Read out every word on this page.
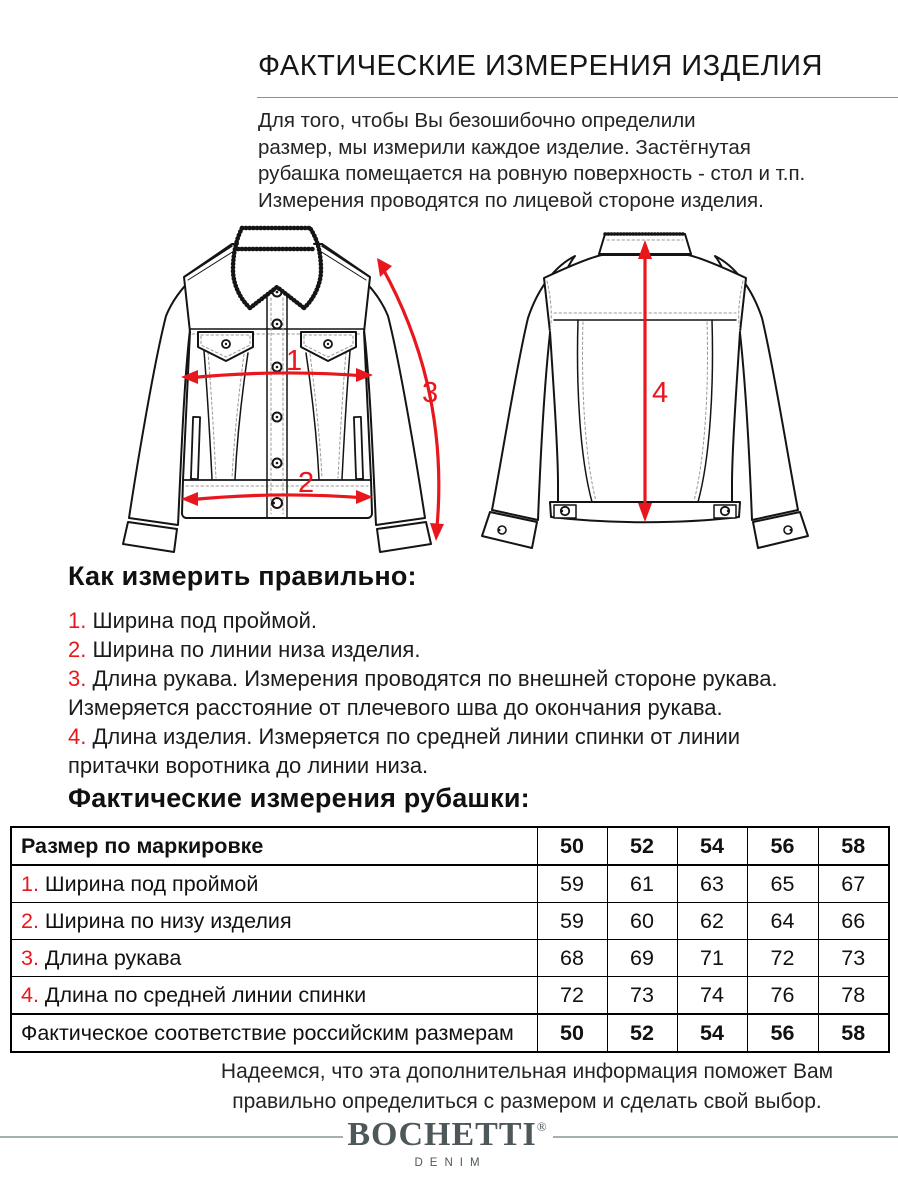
ФАКТИЧЕСКИЕ ИЗМЕРЕНИЯ ИЗДЕЛИЯ
Для того, чтобы Вы безошибочно определили
размер, мы измерили каждое изделие. Застёгнутая
рубашка помещается на ровную поверхность - стол и т.п.
Измерения проводятся по лицевой стороне изделия.
1
2
3	4
Как измерить правильно:
1. Ширина под проймой.
2. Ширина по линии низа изделия.
3. Длина рукава. Измерения проводятся по внешней стороне рукава. Измеряется расстояние от плечевого шва до окончания рукава.
4. Длина изделия. Измеряется по средней линии спинки от линии притачки воротника до линии низа.
Фактические измерения рубашки:
Размер по маркировке	50	52	54	56	58
1. Ширина под проймой	59	61	63	65	67
2. Ширина по низу изделия	59	60	62	64	66
3. Длина рукава	68	69	71	72	73
4. Длина по средней линии спинки	72	73	74	76	78
Фактическое соответствие российским размерам	50	52	54	56	58
Надеемся, что эта дополнительная информация поможет Вам
правильно определиться с размером и сделать свой выбор.
BOCHETTI®
DENIM
